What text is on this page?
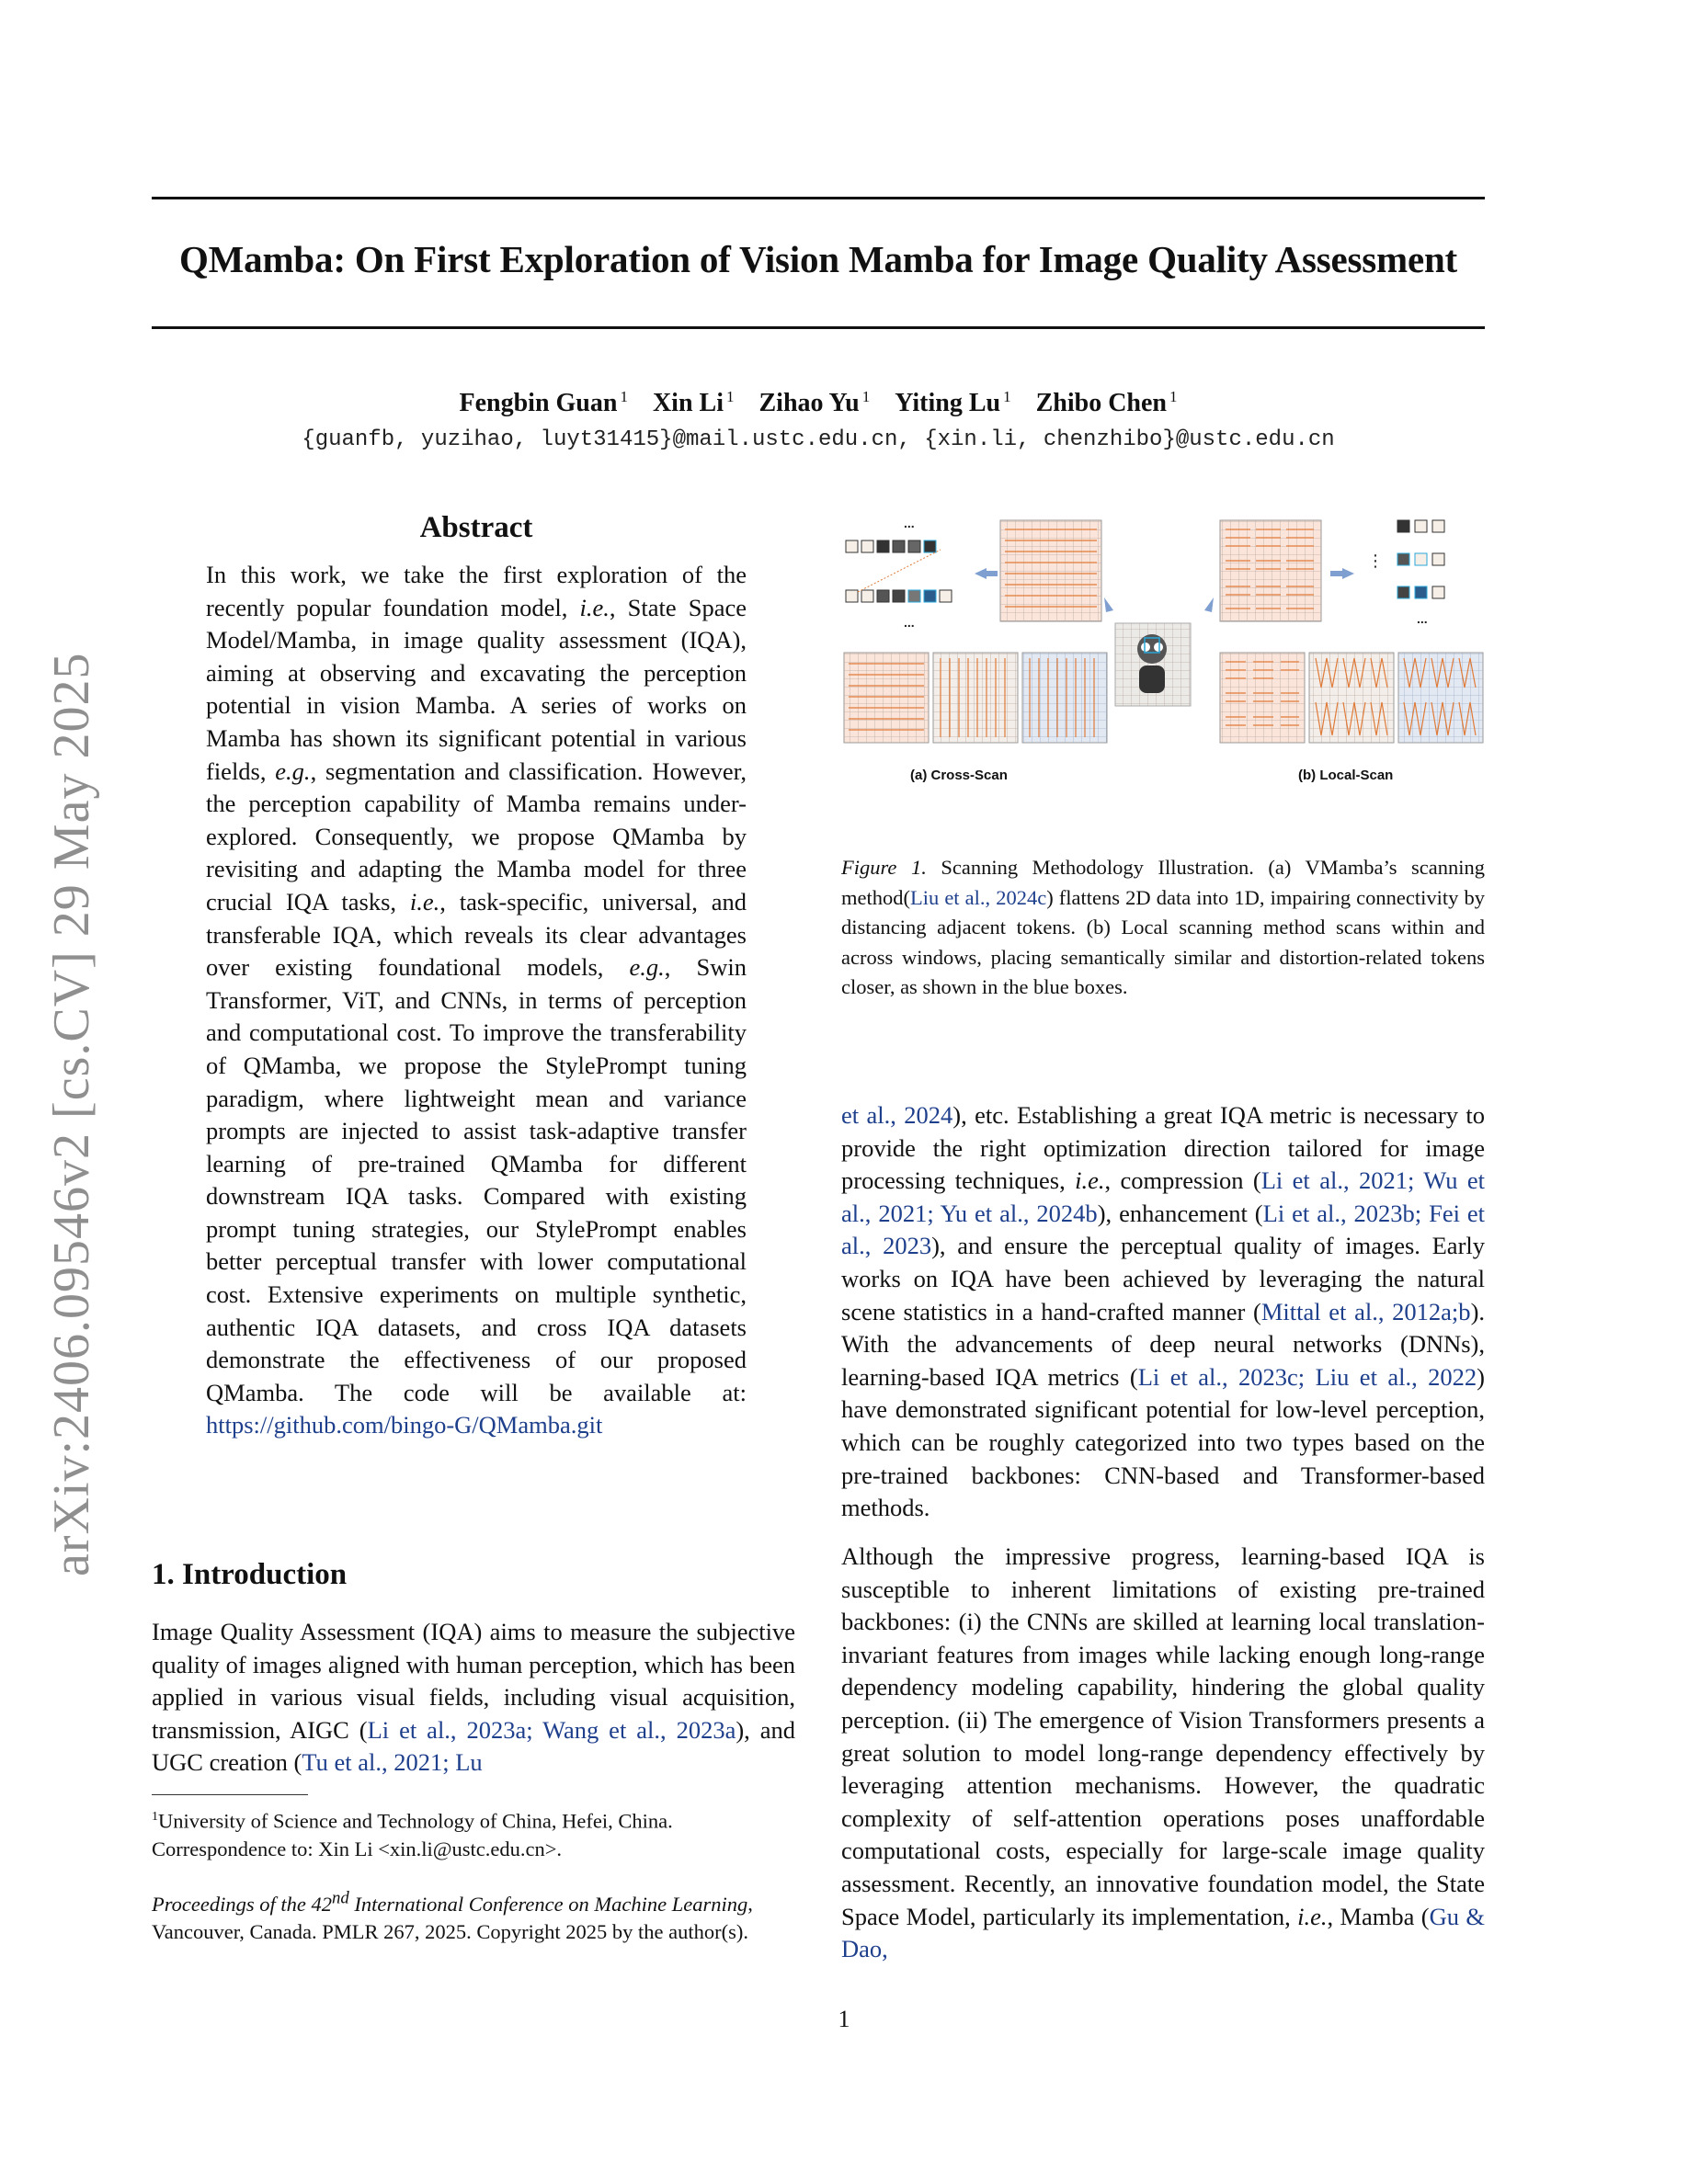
QMamba: On First Exploration of Vision Mamba for Image Quality Assessment
Fengbin Guan $^1$ Xin Li $^1$ Zihao Yu $^1$ Yiting Lu $^1$ Zhibo Chen $^1$
{guanfb, yuzihao, luyt31415}@mail.ustc.edu.cn, {xin.li, chenzhibo}@ustc.edu.cn
arXiv:2406.09546v2 [cs.CV] 29 May 2025
Abstract
In this work, we take the first exploration of the recently popular foundation model, i.e., State Space Model/Mamba, in image quality assessment (IQA), aiming at observing and excavating the perception potential in vision Mamba. A series of works on Mamba has shown its significant potential in various fields, e.g., segmentation and classification. However, the perception capability of Mamba remains under-explored. Consequently, we propose QMamba by revisiting and adapting the Mamba model for three crucial IQA tasks, i.e., task-specific, universal, and transferable IQA, which reveals its clear advantages over existing foundational models, e.g., Swin Transformer, ViT, and CNNs, in terms of perception and computational cost. To improve the transferability of QMamba, we propose the StylePrompt tuning paradigm, where lightweight mean and variance prompts are injected to assist task-adaptive transfer learning of pre-trained QMamba for different downstream IQA tasks. Compared with existing prompt tuning strategies, our StylePrompt enables better perceptual transfer with lower computational cost. Extensive experiments on multiple synthetic, authentic IQA datasets, and cross IQA datasets demonstrate the effectiveness of our proposed QMamba. The code will be available at: https://github.com/bingo-G/QMamba.git
1. Introduction
Image Quality Assessment (IQA) aims to measure the subjective quality of images aligned with human perception, which has been applied in various visual fields, including visual acquisition, transmission, AIGC (Li et al., 2023a; Wang et al., 2023a), and UGC creation (Tu et al., 2021; Lu
$^1$University of Science and Technology of China, Hefei, China. Correspondence to: Xin Li <xin.li@ustc.edu.cn>.
Proceedings of the 42nd International Conference on Machine Learning, Vancouver, Canada. PMLR 267, 2025. Copyright 2025 by the author(s).
...
...
⋮
...
(a) Cross-Scan	(b) Local-Scan
Figure 1. Scanning Methodology Illustration. (a) VMamba’s scanning method(Liu et al., 2024c) flattens 2D data into 1D, impairing connectivity by distancing adjacent tokens. (b) Local scanning method scans within and across windows, placing semantically similar and distortion-related tokens closer, as shown in the blue boxes.
et al., 2024), etc. Establishing a great IQA metric is necessary to provide the right optimization direction tailored for image processing techniques, i.e., compression (Li et al., 2021; Wu et al., 2021; Yu et al., 2024b), enhancement (Li et al., 2023b; Fei et al., 2023), and ensure the perceptual quality of images. Early works on IQA have been achieved by leveraging the natural scene statistics in a hand-crafted manner (Mittal et al., 2012a;b). With the advancements of deep neural networks (DNNs), learning-based IQA metrics (Li et al., 2023c; Liu et al., 2022) have demonstrated significant potential for low-level perception, which can be roughly categorized into two types based on the pre-trained backbones: CNN-based and Transformer-based methods.
Although the impressive progress, learning-based IQA is susceptible to inherent limitations of existing pre-trained backbones: (i) the CNNs are skilled at learning local translation-invariant features from images while lacking enough long-range dependency modeling capability, hindering the global quality perception. (ii) The emergence of Vision Transformers presents a great solution to model long-range dependency effectively by leveraging attention mechanisms. However, the quadratic complexity of self-attention operations poses unaffordable computational costs, especially for large-scale image quality assessment. Recently, an innovative foundation model, the State Space Model, particularly its implementation, i.e., Mamba (Gu & Dao,
1
